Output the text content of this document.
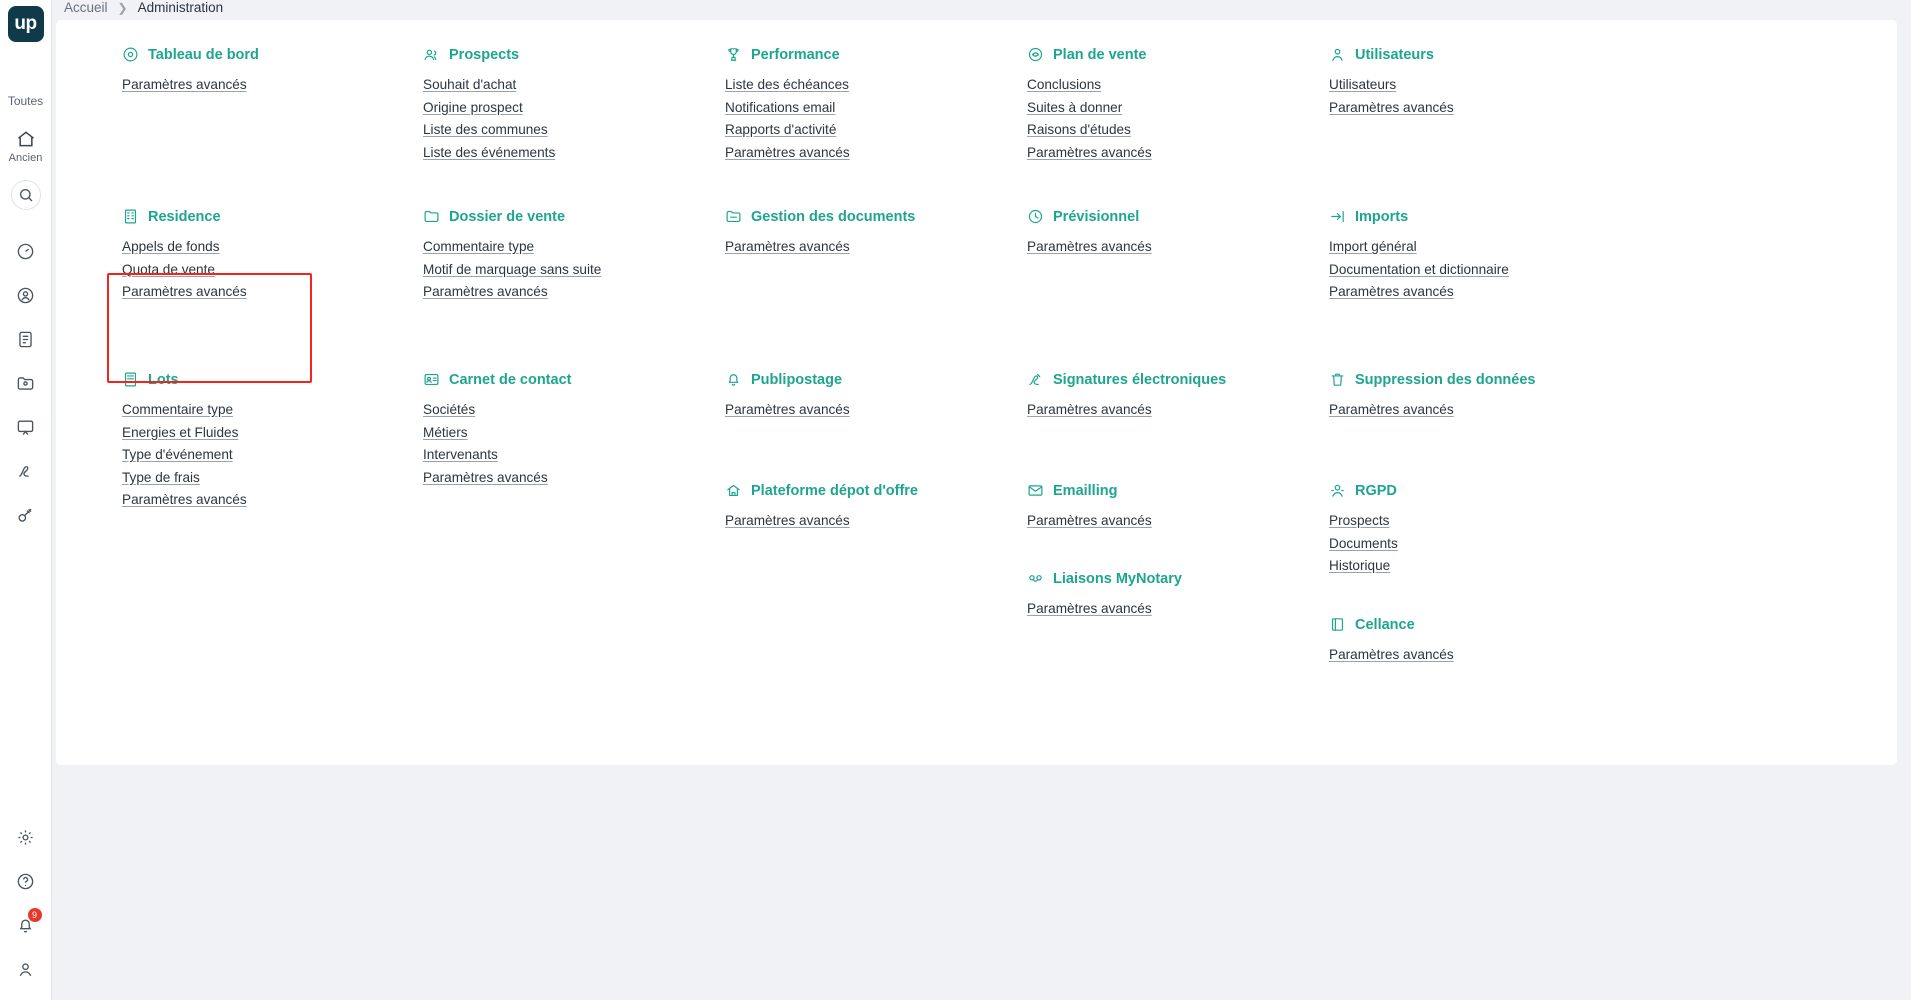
up
Toutes
Ancien
9
Accueil ❯ Administration
Tableau de bord
Paramètres avancés
Prospects
Souhait d'achat
Origine prospect
Liste des communes
Liste des événements
Performance
Liste des échéances
Notifications email
Rapports d'activité
Paramètres avancés
Plan de vente
Conclusions
Suites à donner
Raisons d'études
Paramètres avancés
Utilisateurs
Utilisateurs
Paramètres avancés
Residence
Appels de fonds
Quota de vente
Paramètres avancés
Dossier de vente
Commentaire type
Motif de marquage sans suite
Paramètres avancés
Gestion des documents
Paramètres avancés
Prévisionnel
Paramètres avancés
Imports
Import général
Documentation et dictionnaire
Paramètres avancés
Lots
Commentaire type
Energies et Fluides
Type d'événement
Type de frais
Paramètres avancés
Carnet de contact
Sociétés
Métiers
Intervenants
Paramètres avancés
Publipostage
Paramètres avancés
Signatures électroniques
Paramètres avancés
Suppression des données
Paramètres avancés
Plateforme dépot d'offre
Paramètres avancés
Emailling
Paramètres avancés
RGPD
Prospects
Documents
Historique
Liaisons MyNotary
Paramètres avancés
Cellance
Paramètres avancés
